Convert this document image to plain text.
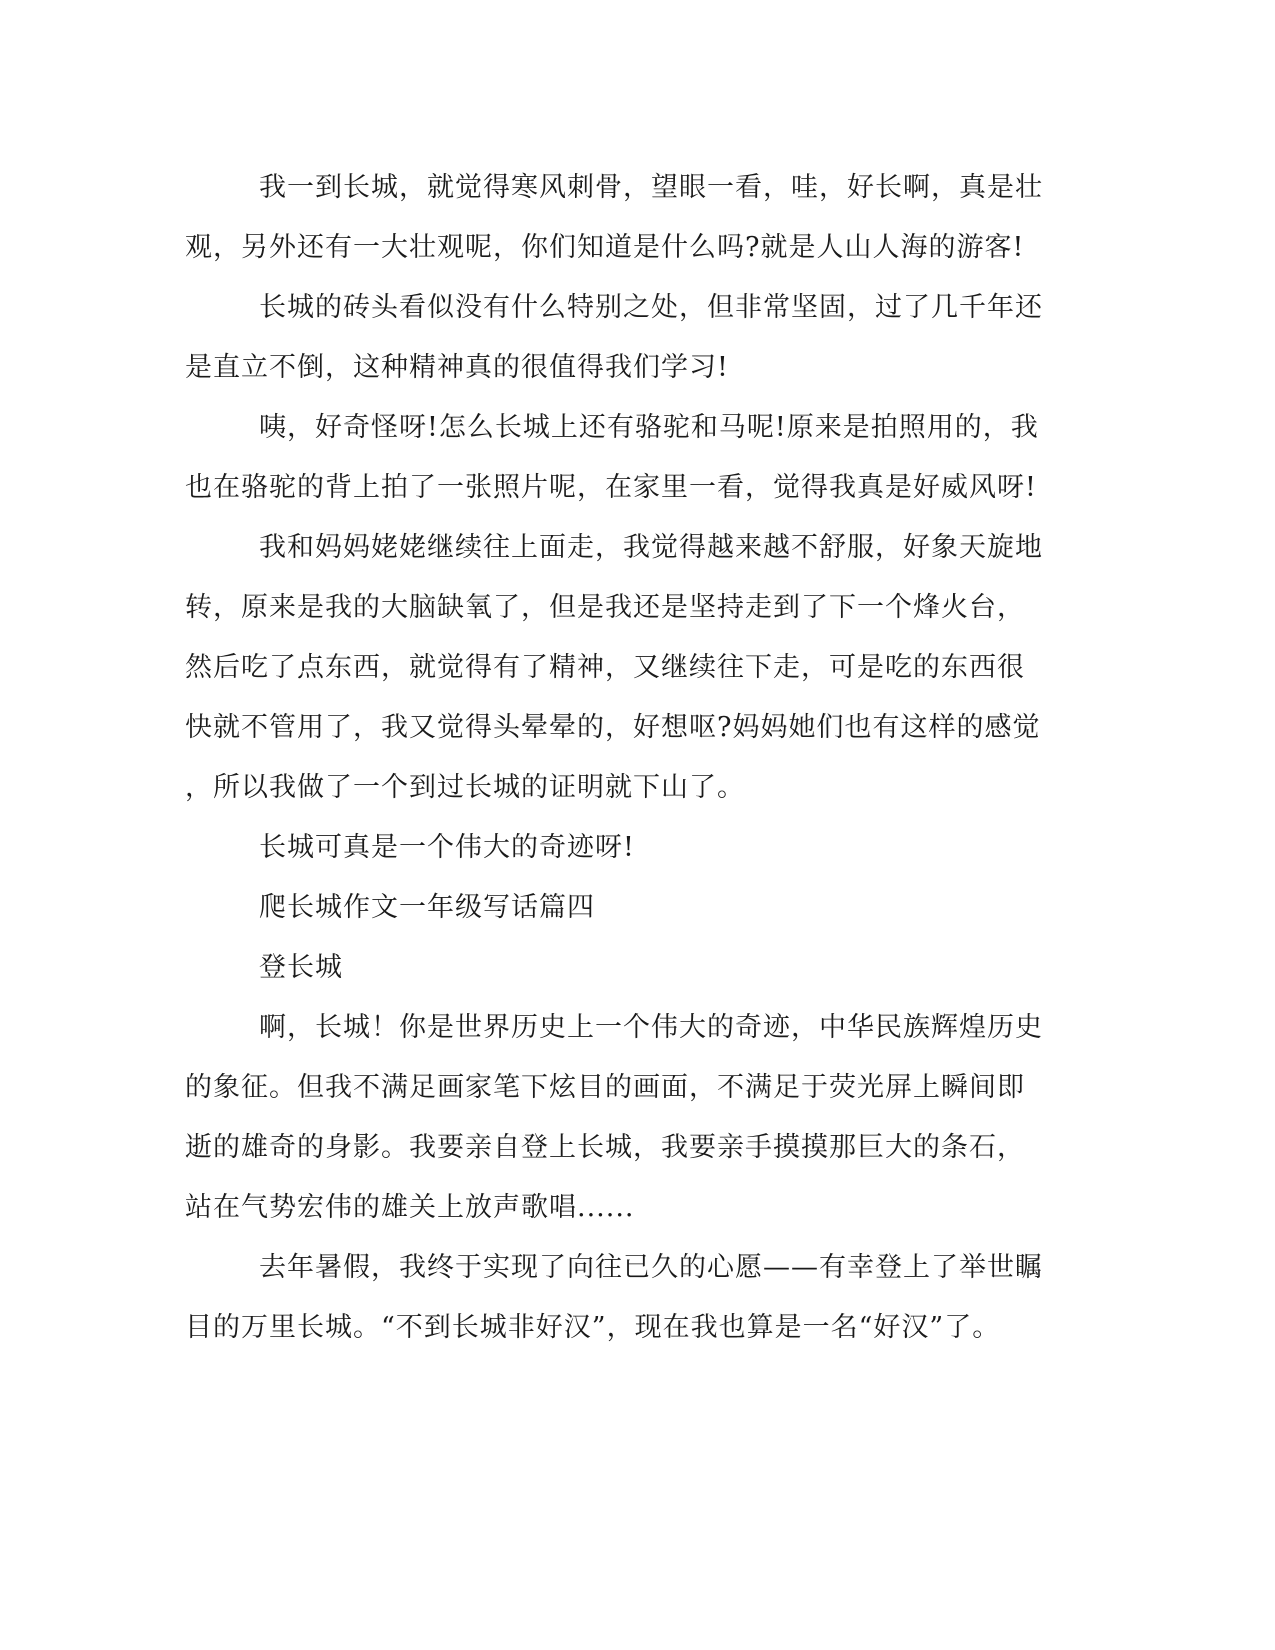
我一到长城，就觉得寒风刺骨，望眼一看，哇，好长啊，真是壮
观，另外还有一大壮观呢，你们知道是什么吗?就是人山人海的游客!
长城的砖头看似没有什么特别之处，但非常坚固，过了几千年还
是直立不倒，这种精神真的很值得我们学习!
咦，好奇怪呀!怎么长城上还有骆驼和马呢!原来是拍照用的，我
也在骆驼的背上拍了一张照片呢，在家里一看，觉得我真是好威风呀!
我和妈妈姥姥继续往上面走，我觉得越来越不舒服，好象天旋地
转，原来是我的大脑缺氧了，但是我还是坚持走到了下一个烽火台，
然后吃了点东西，就觉得有了精神，又继续往下走，可是吃的东西很
快就不管用了，我又觉得头晕晕的，好想呕?妈妈她们也有这样的感觉
，所以我做了一个到过长城的证明就下山了。
长城可真是一个伟大的奇迹呀!
爬长城作文一年级写话篇四
登长城
啊，长城！你是世界历史上一个伟大的奇迹，中华民族辉煌历史
的象征。但我不满足画家笔下炫目的画面，不满足于荧光屏上瞬间即
逝的雄奇的身影。我要亲自登上长城，我要亲手摸摸那巨大的条石，
站在气势宏伟的雄关上放声歌唱......
去年暑假，我终于实现了向往已久的心愿——有幸登上了举世瞩
目的万里长城。“不到长城非好汉”，现在我也算是一名“好汉”了。
